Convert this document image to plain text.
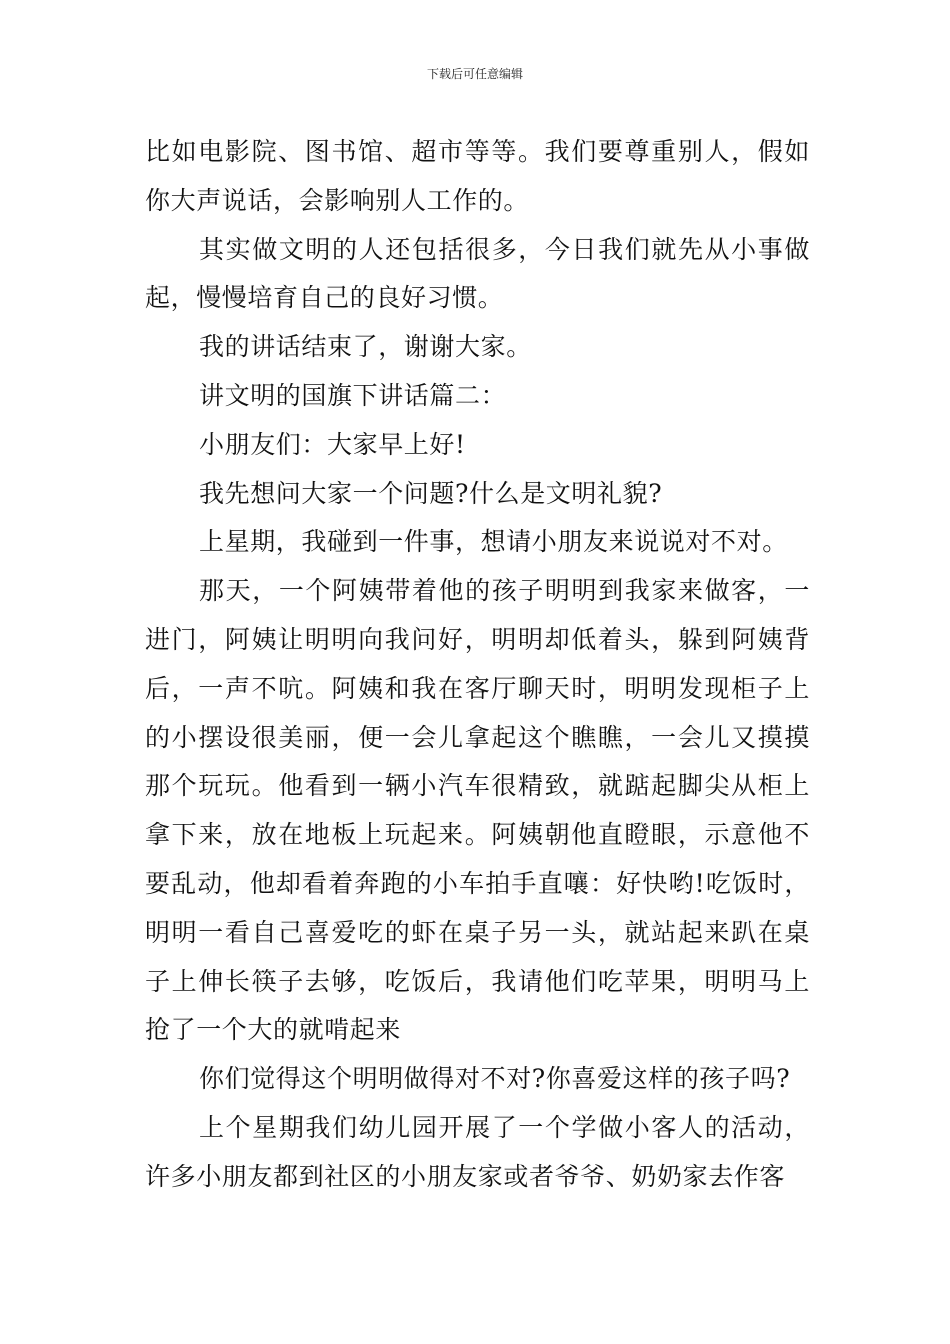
下载后可任意编辑

比如电影院、图书馆、超市等等。我们要尊重别人，假如你大声说话，会影响别人工作的。

其实做文明的人还包括很多，今日我们就先从小事做起，慢慢培育自己的良好习惯。

我的讲话结束了，谢谢大家。

讲文明的国旗下讲话篇二：

小朋友们：大家早上好!

我先想问大家一个问题?什么是文明礼貌?

上星期，我碰到一件事，想请小朋友来说说对不对。

那天，一个阿姨带着他的孩子明明到我家来做客，一进门，阿姨让明明向我问好，明明却低着头，躲到阿姨背后，一声不吭。阿姨和我在客厅聊天时，明明发现柜子上的小摆设很美丽，便一会儿拿起这个瞧瞧，一会儿又摸摸那个玩玩。他看到一辆小汽车很精致，就踮起脚尖从柜上拿下来，放在地板上玩起来。阿姨朝他直瞪眼，示意他不要乱动，他却看着奔跑的小车拍手直嚷：好快哟!吃饭时，明明一看自己喜爱吃的虾在桌子另一头，就站起来趴在桌子上伸长筷子去够，吃饭后，我请他们吃苹果，明明马上抢了一个大的就啃起来

你们觉得这个明明做得对不对?你喜爱这样的孩子吗?

上个星期我们幼儿园开展了一个学做小客人的活动，许多小朋友都到社区的小朋友家或者爷爷、奶奶家去作客
